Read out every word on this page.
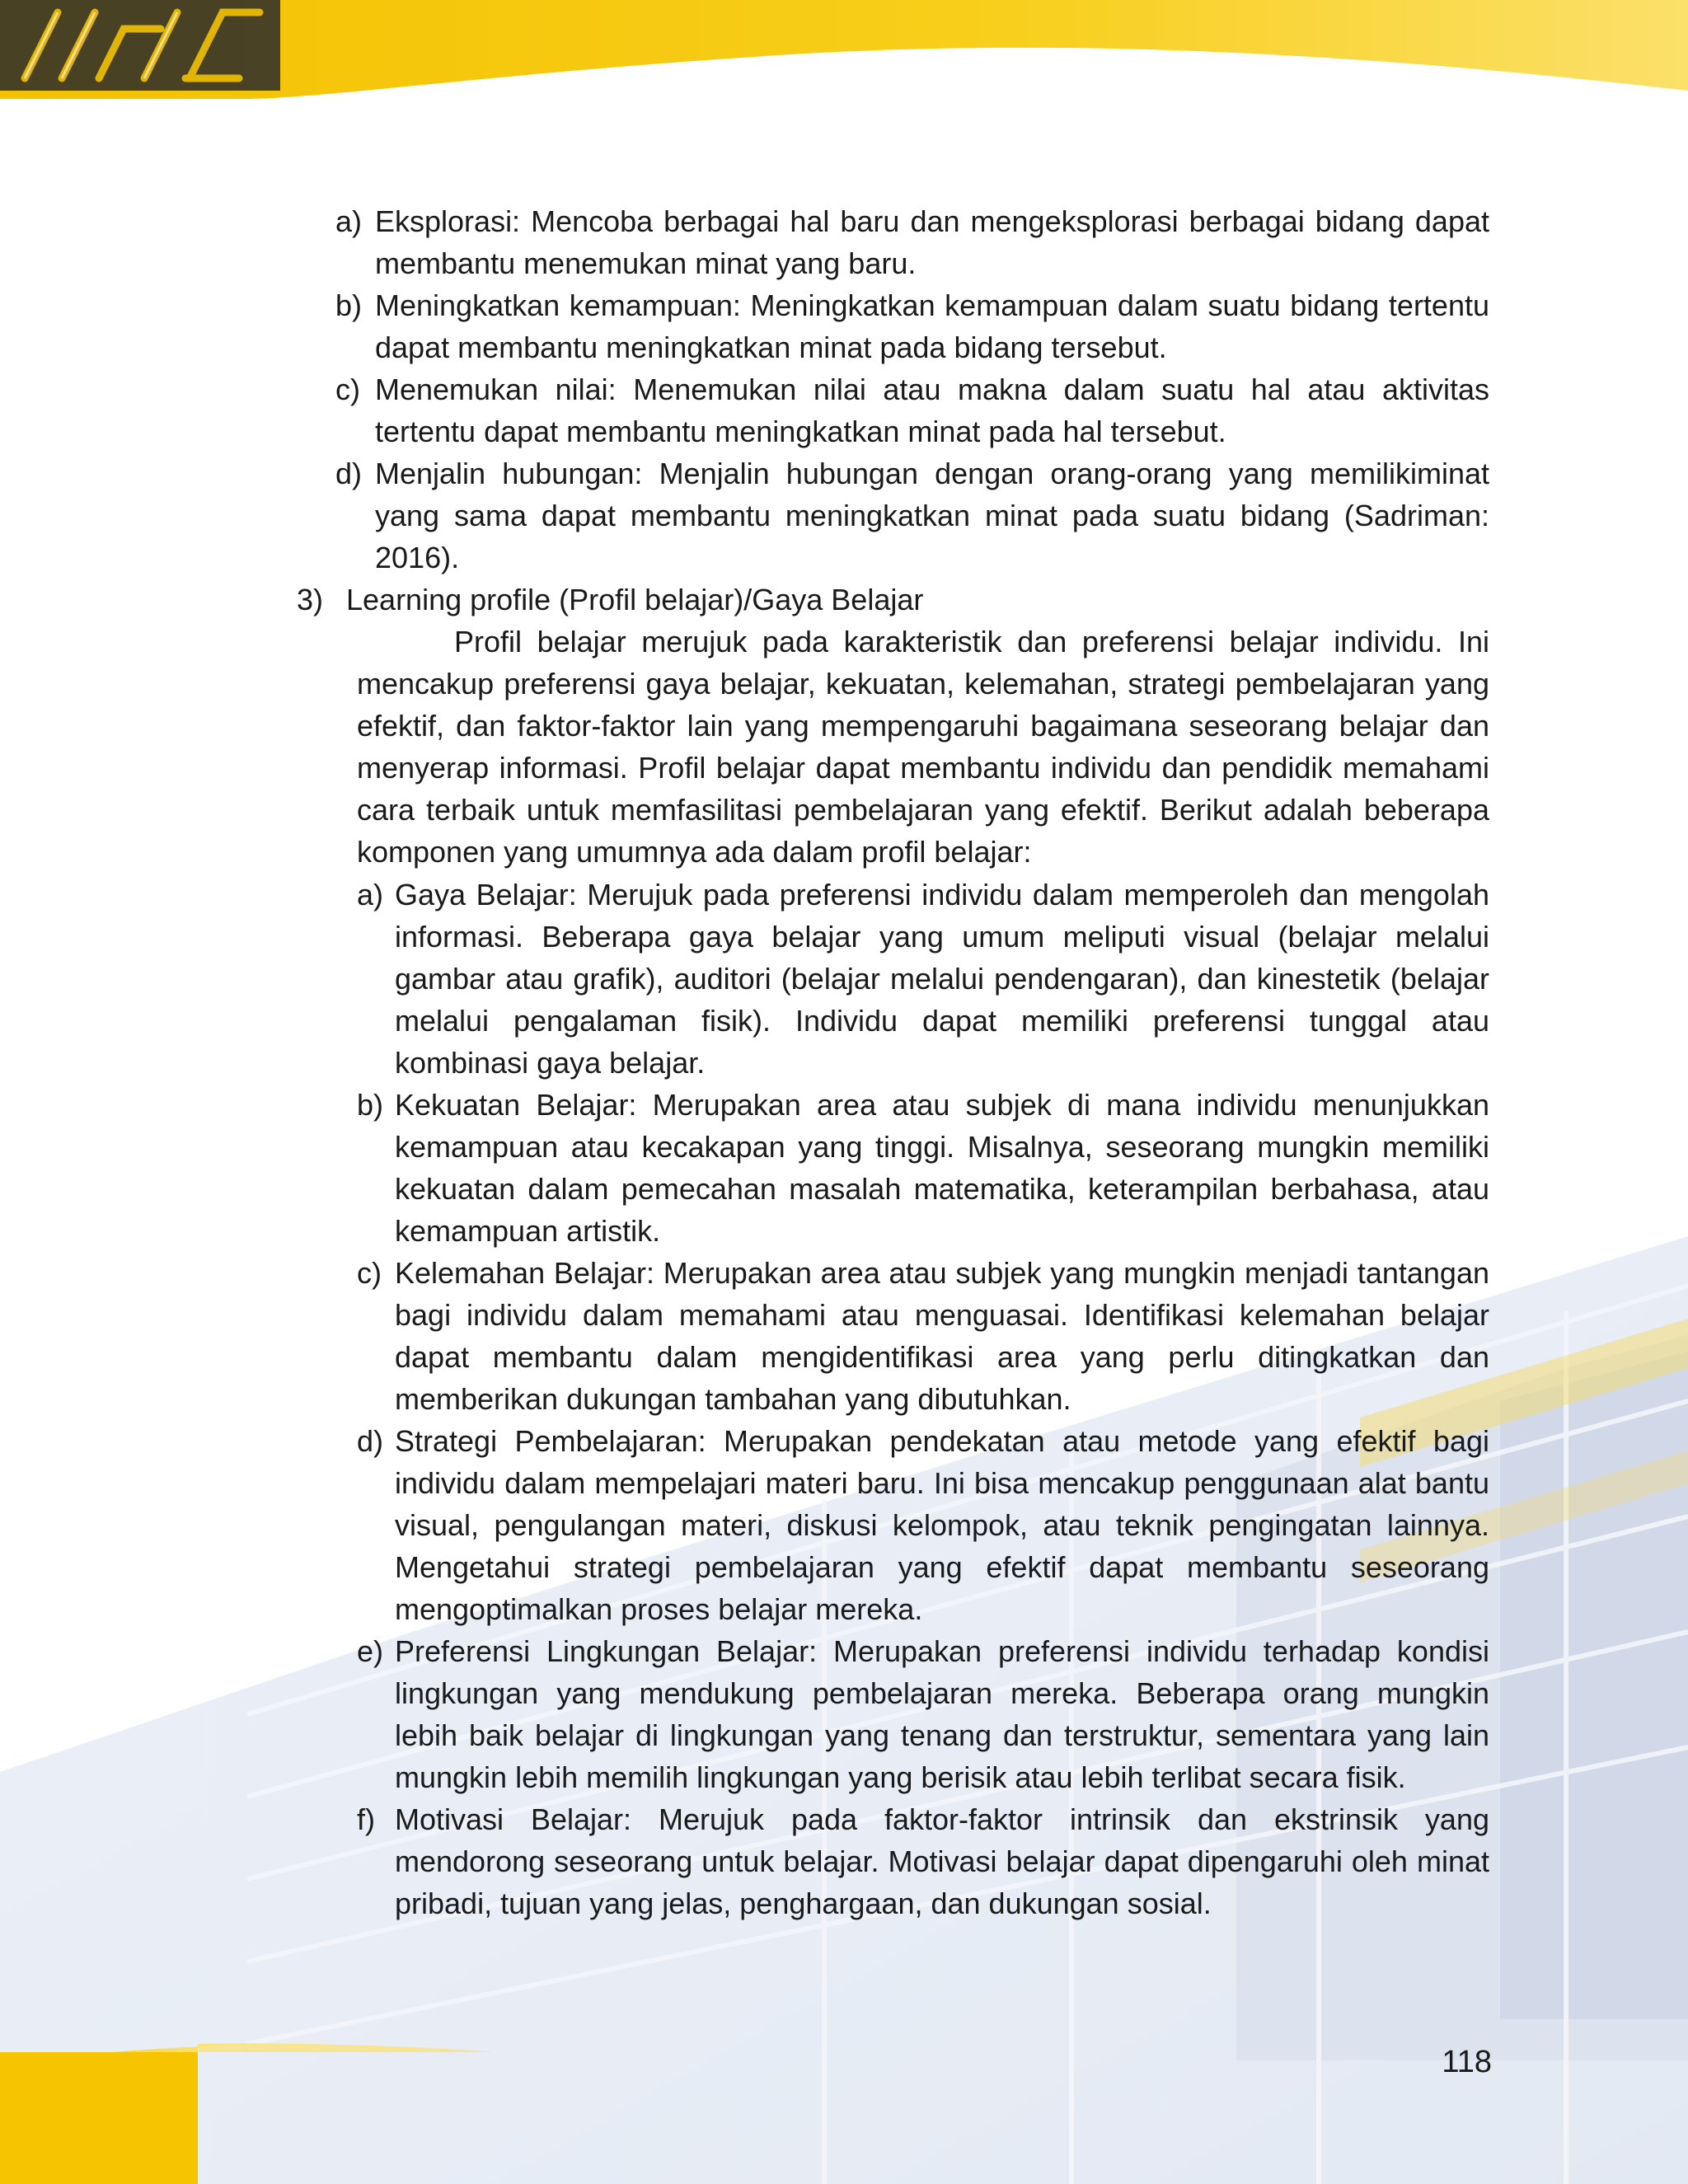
a) Eksplorasi: Mencoba berbagai hal baru dan mengeksplorasi berbagai bidang dapat membantu menemukan minat yang baru.
b) Meningkatkan kemampuan: Meningkatkan kemampuan dalam suatu bidang tertentu dapat membantu meningkatkan minat pada bidang tersebut.
c) Menemukan nilai: Menemukan nilai atau makna dalam suatu hal atau aktivitas tertentu dapat membantu meningkatkan minat pada hal tersebut.
d) Menjalin hubungan: Menjalin hubungan dengan orang-orang yang memilikiminat yang sama dapat membantu meningkatkan minat pada suatu bidang (Sadriman: 2016).
3) Learning profile (Profil belajar)/Gaya Belajar

Profil belajar merujuk pada karakteristik dan preferensi belajar individu. Ini mencakup preferensi gaya belajar, kekuatan, kelemahan, strategi pembelajaran yang efektif, dan faktor-faktor lain yang mempengaruhi bagaimana seseorang belajar dan menyerap informasi. Profil belajar dapat membantu individu dan pendidik memahami cara terbaik untuk memfasilitasi pembelajaran yang efektif. Berikut adalah beberapa komponen yang umumnya ada dalam profil belajar:

a) Gaya Belajar: Merujuk pada preferensi individu dalam memperoleh dan mengolah informasi. Beberapa gaya belajar yang umum meliputi visual (belajar melalui gambar atau grafik), auditori (belajar melalui pendengaran), dan kinestetik (belajar melalui pengalaman fisik). Individu dapat memiliki preferensi tunggal atau kombinasi gaya belajar.
b) Kekuatan Belajar: Merupakan area atau subjek di mana individu menunjukkan kemampuan atau kecakapan yang tinggi. Misalnya, seseorang mungkin memiliki kekuatan dalam pemecahan masalah matematika, keterampilan berbahasa, atau kemampuan artistik.
c) Kelemahan Belajar: Merupakan area atau subjek yang mungkin menjadi tantangan bagi individu dalam memahami atau menguasai. Identifikasi kelemahan belajar dapat membantu dalam mengidentifikasi area yang perlu ditingkatkan dan memberikan dukungan tambahan yang dibutuhkan.
d) Strategi Pembelajaran: Merupakan pendekatan atau metode yang efektif bagi individu dalam mempelajari materi baru. Ini bisa mencakup penggunaan alat bantu visual, pengulangan materi, diskusi kelompok, atau teknik pengingatan lainnya. Mengetahui strategi pembelajaran yang efektif dapat membantu seseorang mengoptimalkan proses belajar mereka.
e) Preferensi Lingkungan Belajar: Merupakan preferensi individu terhadap kondisi lingkungan yang mendukung pembelajaran mereka. Beberapa orang mungkin lebih baik belajar di lingkungan yang tenang dan terstruktur, sementara yang lain mungkin lebih memilih lingkungan yang berisik atau lebih terlibat secara fisik.
f) Motivasi Belajar: Merujuk pada faktor-faktor intrinsik dan ekstrinsik yang mendorong seseorang untuk belajar. Motivasi belajar dapat dipengaruhi oleh minat pribadi, tujuan yang jelas, penghargaan, dan dukungan sosial.
118
